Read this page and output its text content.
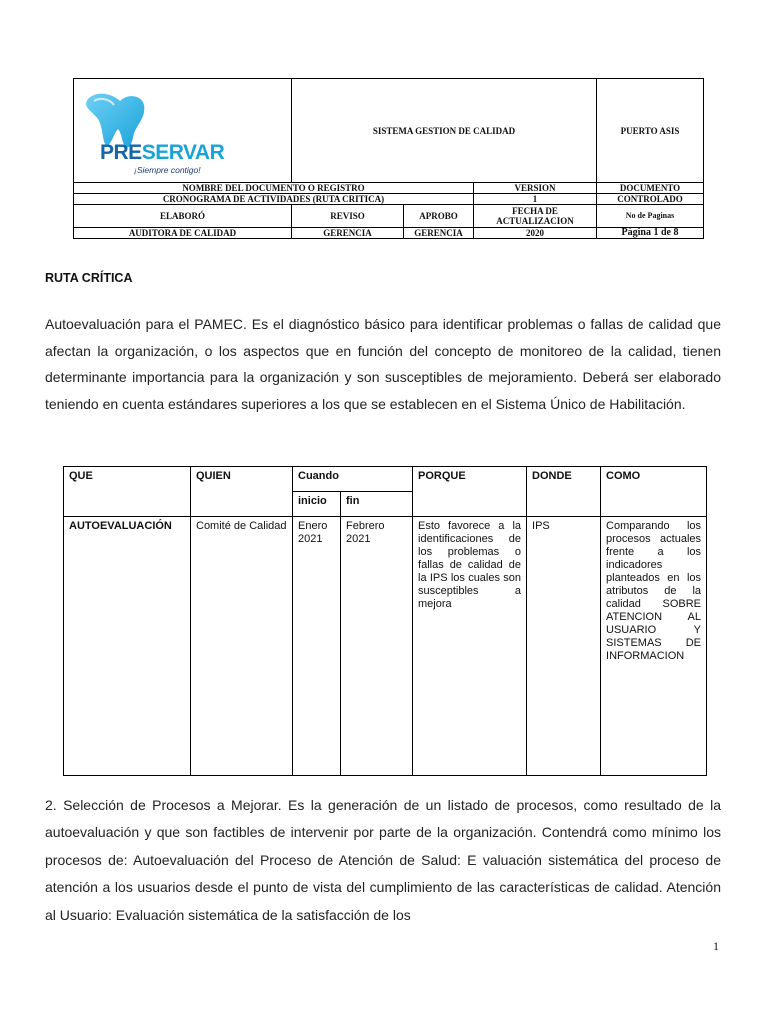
PRESERVAR
¡Siempre contigo!	SISTEMA GESTION DE CALIDAD			PUERTO ASIS
NOMBRE DEL DOCUMENTO O REGISTRO			VERSION	DOCUMENTO
CRONOGRAMA DE ACTIVIDADES (RUTA CRITICA)			1	CONTROLADO
ELABORÓ	REVISO	APROBO	FECHA DE ACTUALIZACION	No de Paginas
AUDITORA DE CALIDAD	GERENCIA	GERENCIA	2020	Página 1 de 8
RUTA CRÍTICA

Autoevaluación para el PAMEC. Es el diagnóstico básico para identificar problemas o fallas de calidad que afectan la organización, o los aspectos que en función del concepto de monitoreo de la calidad, tienen determinante importancia para la organización y son susceptibles de mejoramiento. Deberá ser elaborado teniendo en cuenta estándares superiores a los que se establecen en el Sistema Único de Habilitación.

QUE	QUIEN	Cuando		PORQUE	DONDE	COMO
		inicio	fin			
AUTOEVALUACIÓN	Comité de Calidad	Enero 2021	Febrero 2021	Esto favorece a la identificaciones de los problemas o fallas de calidad de la IPS los cuales son susceptibles a mejora	IPS	Comparando los procesos actuales frente a los indicadores planteados en los atributos de la calidad SOBRE ATENCION AL USUARIO Y SISTEMAS DE INFORMACION

2. Selección de Procesos a Mejorar. Es la generación de un listado de procesos, como resultado de la autoevaluación y que son factibles de intervenir por parte de la organización. Contendrá como mínimo los procesos de: Autoevaluación del Proceso de Atención de Salud: E valuación sistemática del proceso de atención a los usuarios desde el punto de vista del cumplimiento de las características de calidad. Atención al Usuario: Evaluación sistemática de la satisfacción de los

1
